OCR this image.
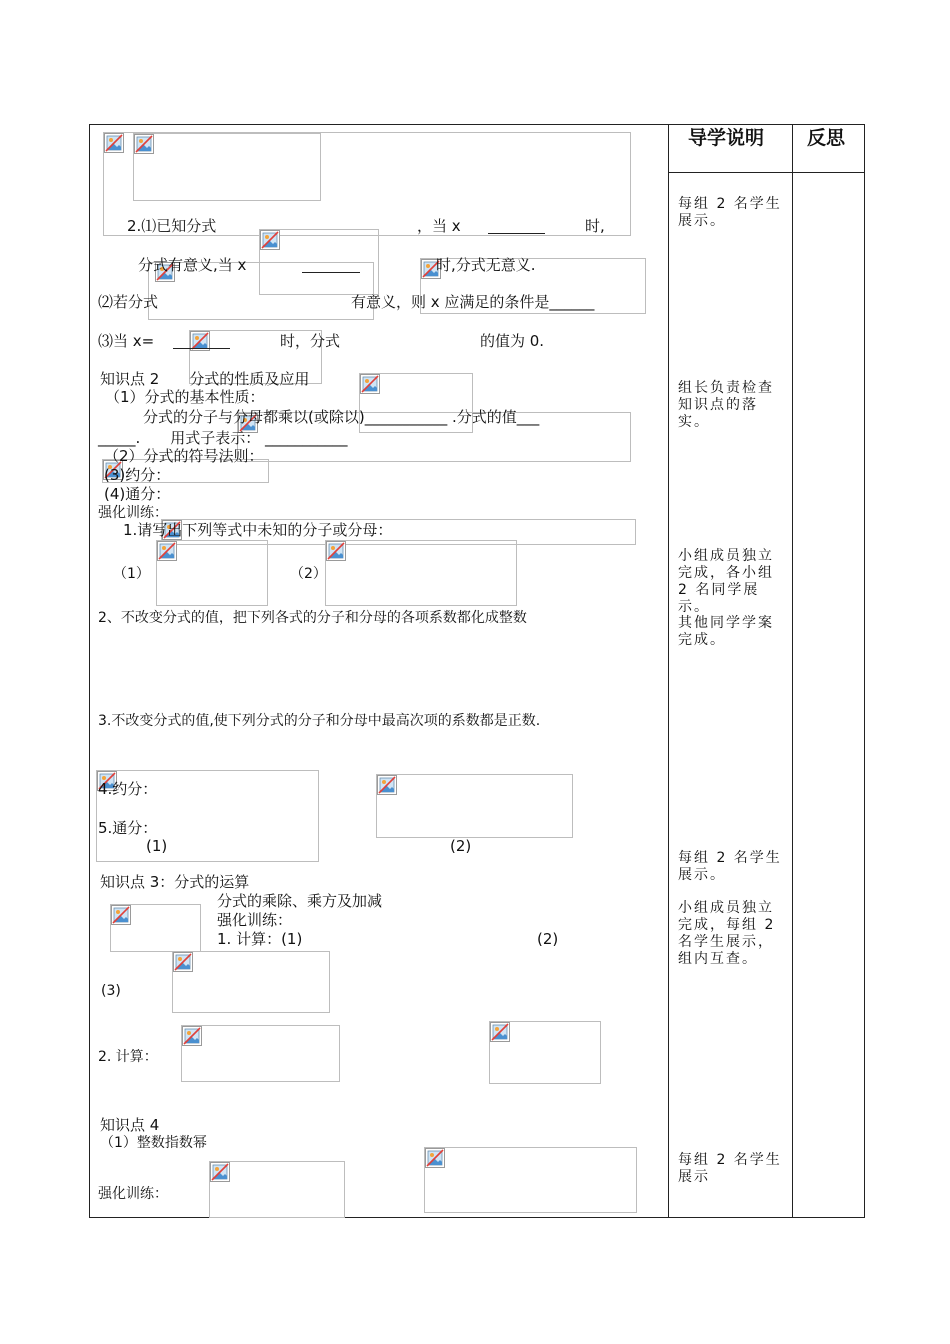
导学说明 反思
2.⑴已知分式	，当 x	时,
分式有意义,当 x	时,分式无意义.
⑵若分式	有意义，则 x 应满足的条件是______
⑶当 x=	时，分式	的值为 0.
知识点 2　　分式的性质及应用
（1）分式的基本性质：
分式的分子与分母都乘以(或除以)___________ .分式的值___
_____.　　用式子表示： ___________
（2）分式的符号法则：
(3)约分：
(4)通分：
强化训练：
1.请写出下列等式中未知的分子或分母：
（1）	（2）
2、不改变分式的值，把下列各式的分子和分母的各项系数都化成整数
3.不改变分式的值,使下列分式的分子和分母中最高次项的系数都是正数.
4.约分：
5.通分：
(1)	(2)
知识点 3：分式的运算
分式的乘除、乘方及加减
强化训练：
1. 计算：(1)	(2)
(3)
2. 计算：
知识点 4
（1）整数指数幂
强化训练：
每组 2 名学生展示。
组长负责检查知识点的落实。
小组成员独立完成，各小组 2 名同学展示。
其他同学学案完成。
每组 2 名学生展示。
小组成员独立完成，每组 2 名学生展示，组内互查。
每组 2 名学生展示
